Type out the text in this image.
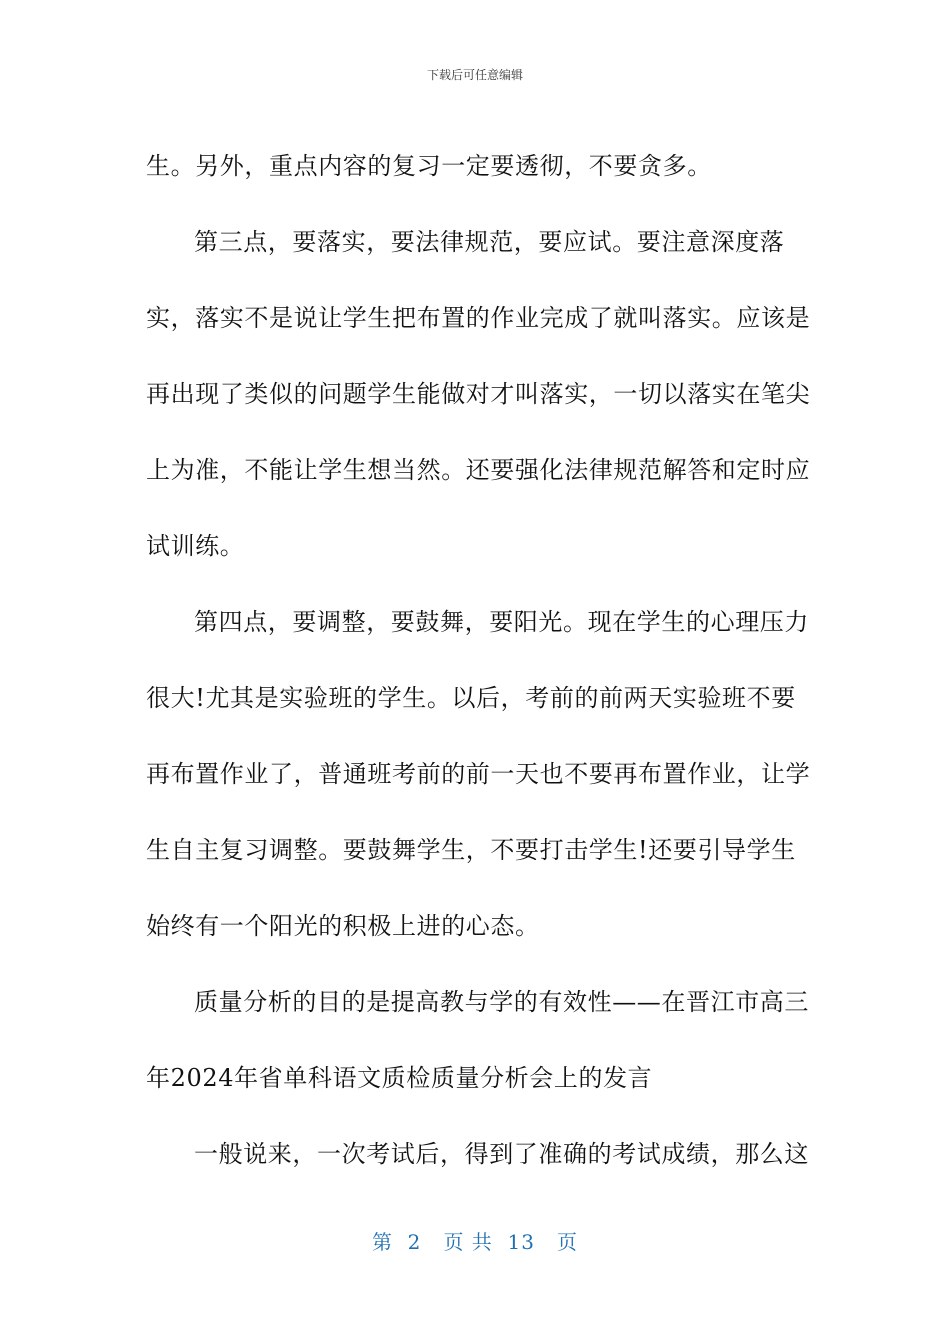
下载后可任意编辑

生。另外，重点内容的复习一定要透彻，不要贪多。

第三点，要落实，要法律规范，要应试。要注意深度落实，落实不是说让学生把布置的作业完成了就叫落实。应该是再出现了类似的问题学生能做对才叫落实，一切以落实在笔尖上为准，不能让学生想当然。还要强化法律规范解答和定时应试训练。

第四点，要调整，要鼓舞，要阳光。现在学生的心理压力很大!尤其是实验班的学生。以后，考前的前两天实验班不要再布置作业了，普通班考前的前一天也不要再布置作业，让学生自主复习调整。要鼓舞学生，不要打击学生!还要引导学生始终有一个阳光的积极上进的心态。

质量分析的目的是提高教与学的有效性——在晋江市高三年2024年省单科语文质检质量分析会上的发言

一般说来，一次考试后，得到了准确的考试成绩，那么这

第  2   页 共  13   页
